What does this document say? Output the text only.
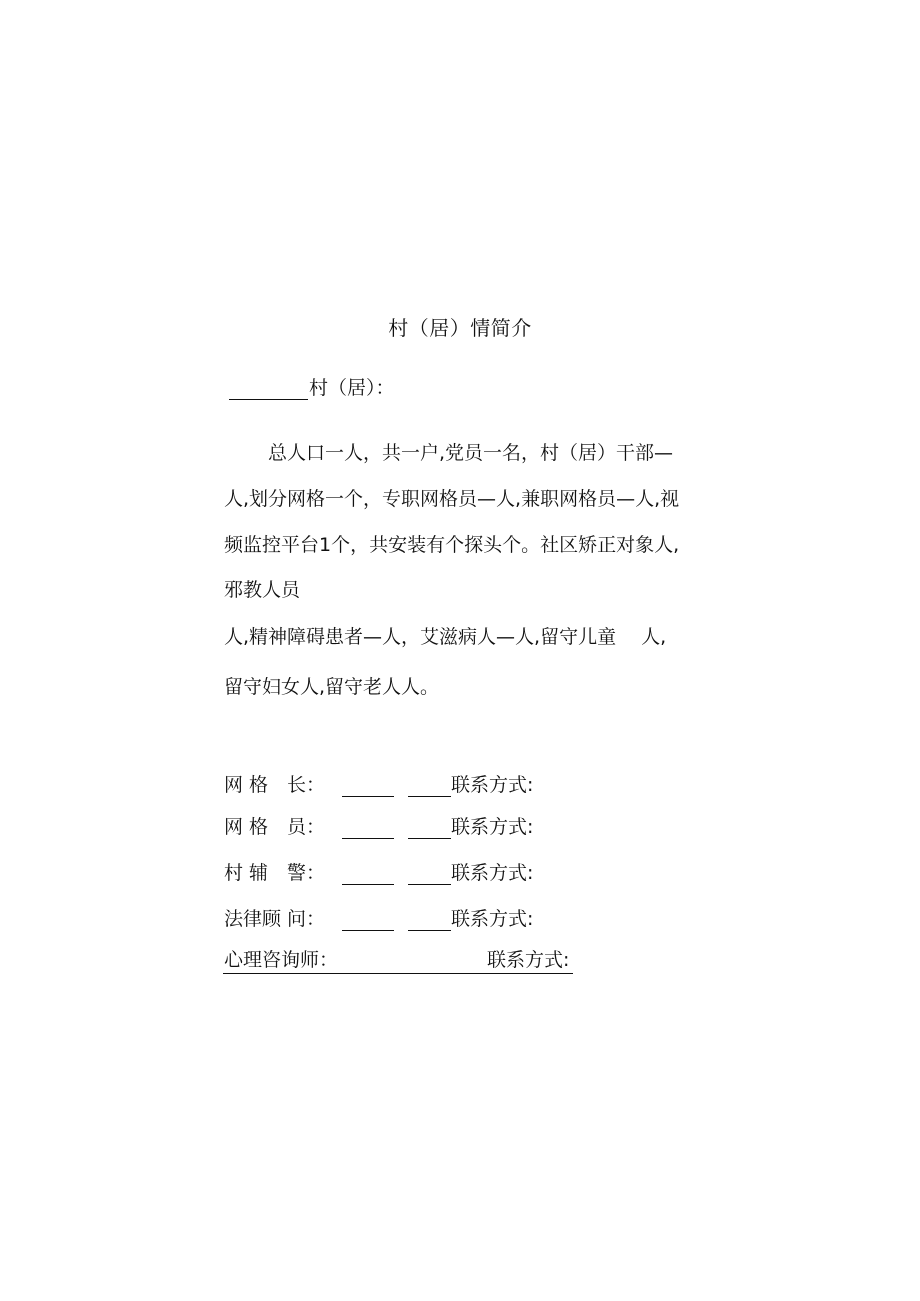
村（居）情简介
村（居）：
总人口一人，共一户,党员一名，村（居）干部—
人,划分网格一个，专职网格员—人,兼职网格员—人,视
频监控平台1个，共安装有个探头个。社区矫正对象人,
邪教人员
人,精神障碍患者—人，艾滋病人—人,留守儿童　 人,
留守妇女人,留守老人人。
网 格　长：	联系方式:
网 格　员：	联系方式:
村 辅　警：	联系方式:
法律顾 问：	联系方式:
心理咨询师：	联系方式:
